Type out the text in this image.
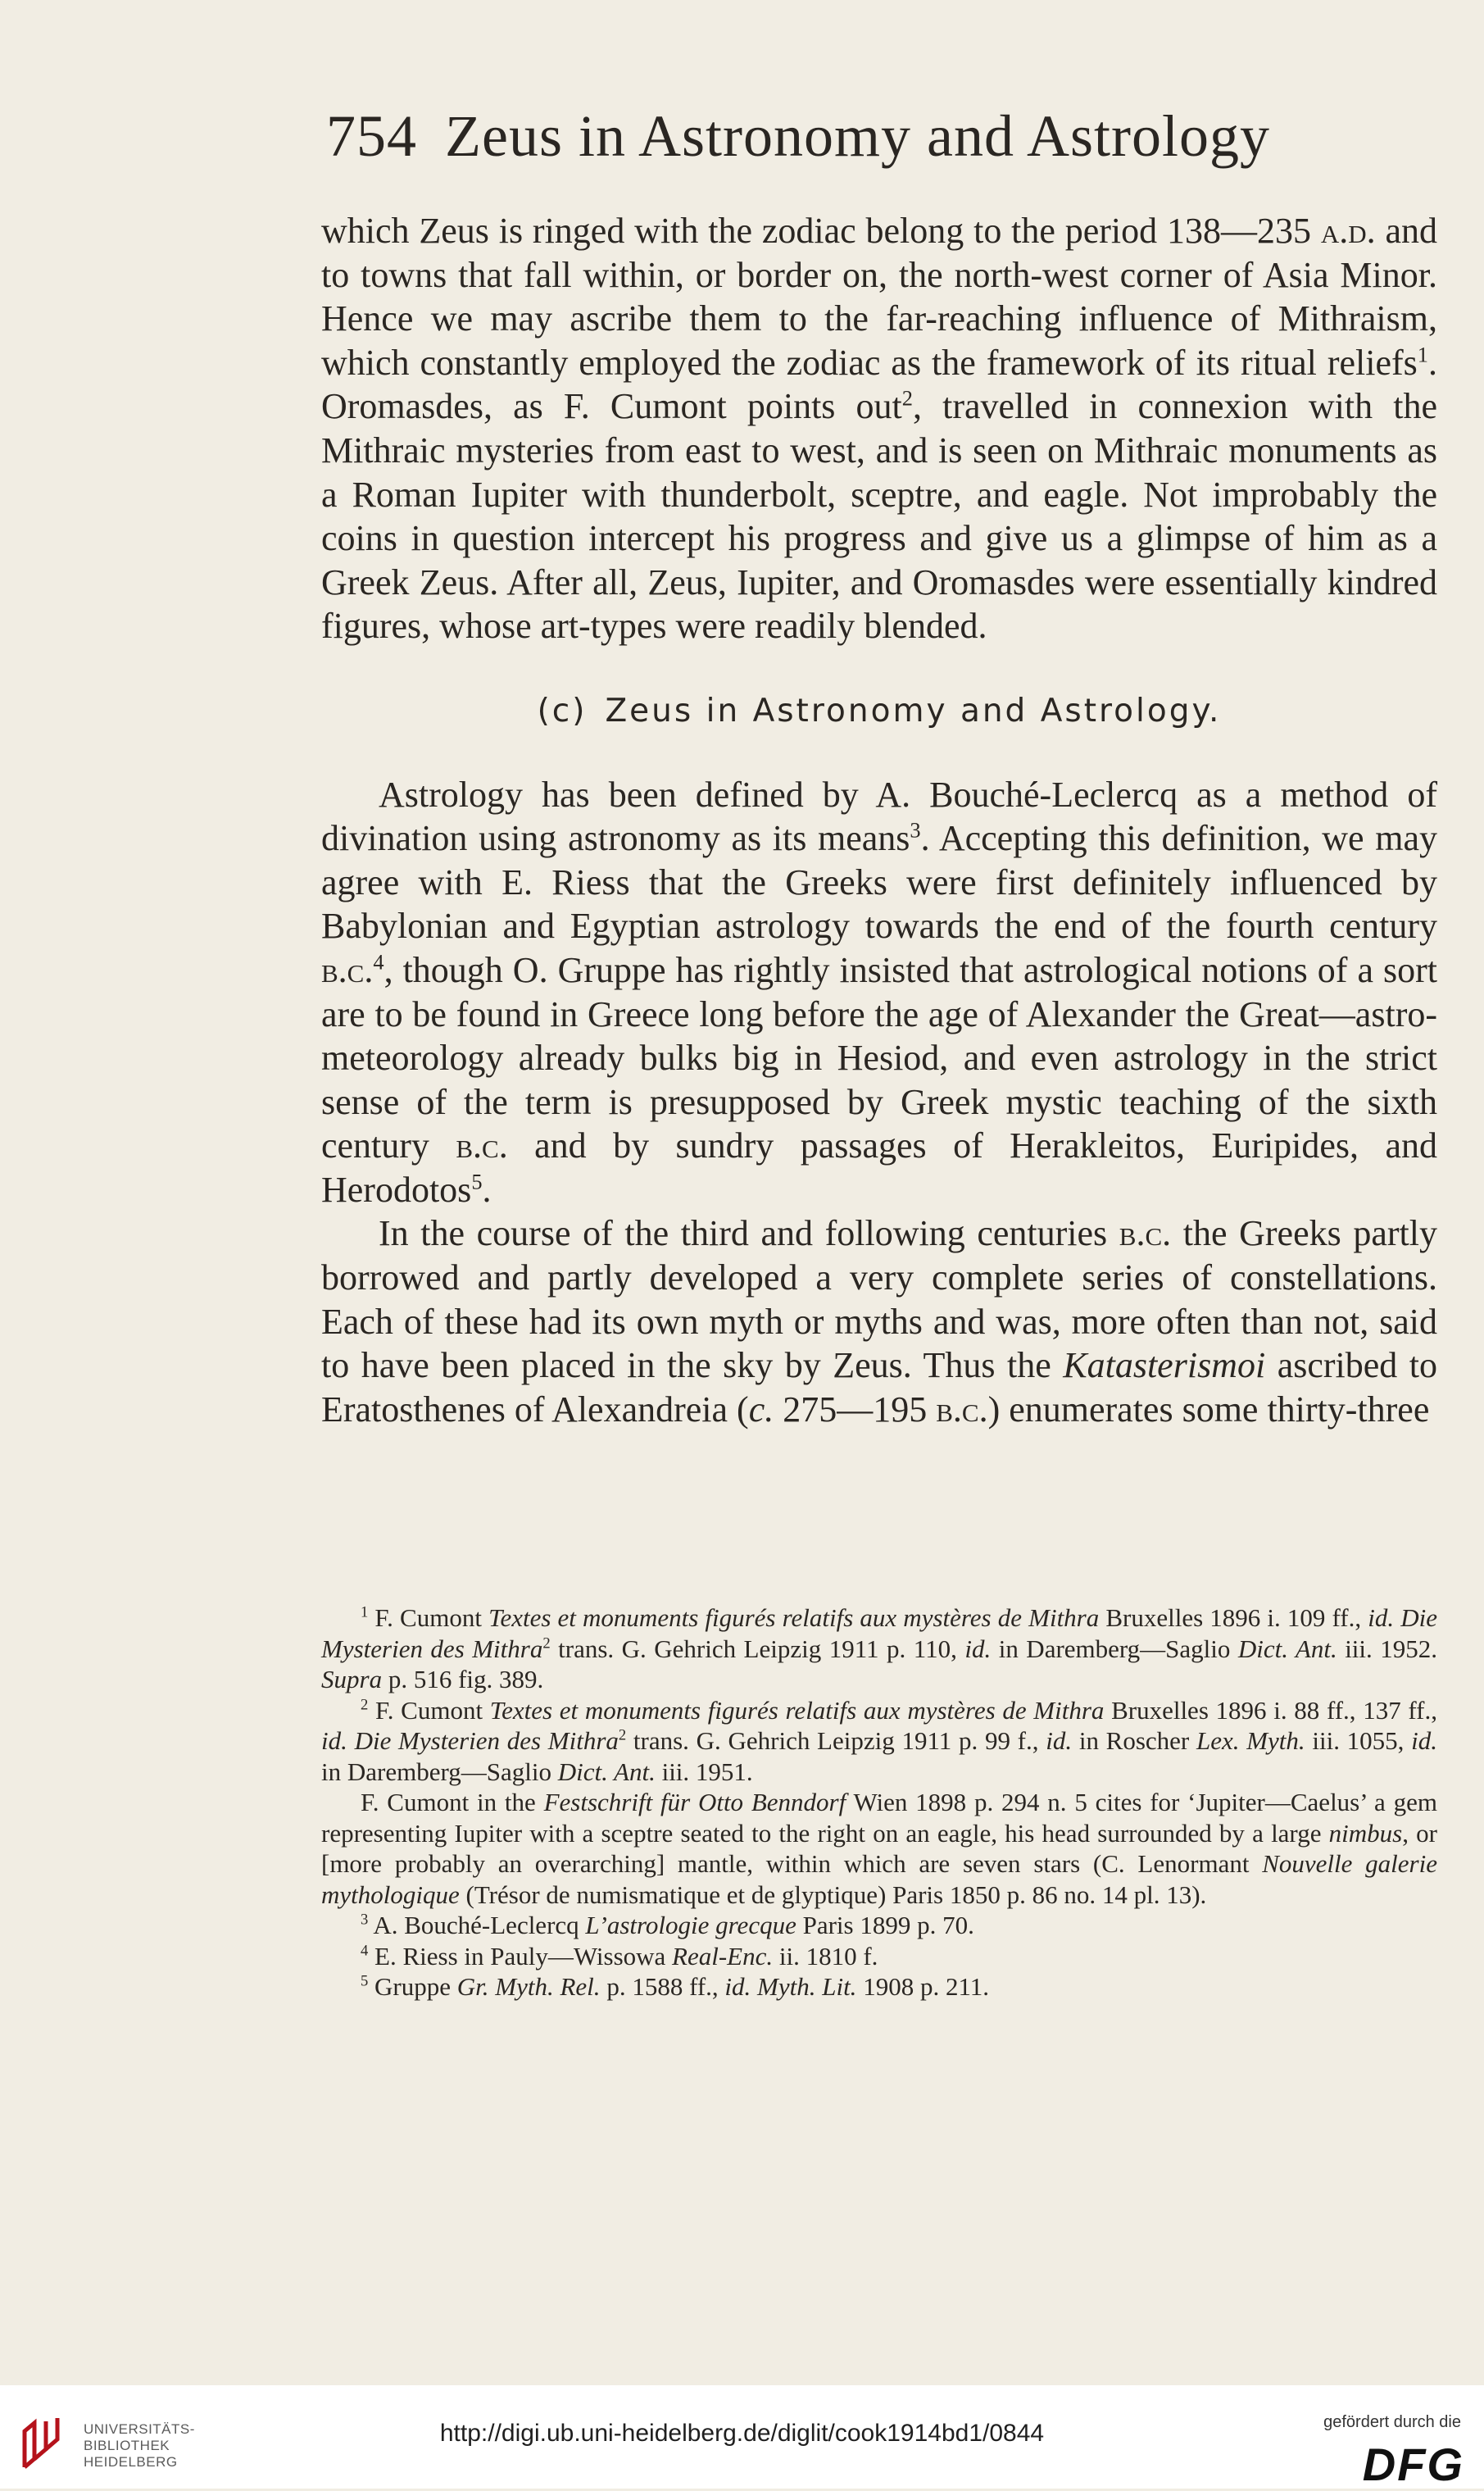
754 Zeus in Astronomy and Astrology

which Zeus is ringed with the zodiac belong to the period 138—235 a.d. and to towns that fall within, or border on, the north-west corner of Asia Minor. Hence we may ascribe them to the far-reaching influence of Mithraism, which constantly employed the zodiac as the framework of its ritual reliefs$^1$. Oromasdes, as F. Cumont points out$^2$, travelled in connexion with the Mithraic mysteries from east to west, and is seen on Mithraic monuments as a Roman Iupiter with thunderbolt, sceptre, and eagle. Not improbably the coins in question intercept his progress and give us a glimpse of him as a Greek Zeus. After all, Zeus, Iupiter, and Oromasdes were essentially kindred figures, whose art-types were readily blended.

(c) Zeus in Astronomy and Astrology.

Astrology has been defined by A. Bouché-Leclercq as a method of divination using astronomy as its means$^3$. Accepting this definition, we may agree with E. Riess that the Greeks were first definitely influenced by Babylonian and Egyptian astrology towards the end of the fourth century b.c.$^4$, though O. Gruppe has rightly insisted that astrological notions of a sort are to be found in Greece long before the age of Alexander the Great—astro-meteorology already bulks big in Hesiod, and even astrology in the strict sense of the term is presupposed by Greek mystic teaching of the sixth century b.c. and by sundry passages of Herakleitos, Euripides, and Herodotos$^5$.

In the course of the third and following centuries b.c. the Greeks partly borrowed and partly developed a very complete series of constellations. Each of these had its own myth or myths and was, more often than not, said to have been placed in the sky by Zeus. Thus the Katasterismoi ascribed to Eratosthenes of Alexandreia (c. 275—195 b.c.) enumerates some thirty-three

$^1$ F. Cumont Textes et monuments figurés relatifs aux mystères de Mithra Bruxelles 1896 i. 109 ff., id. Die Mysterien des Mithra$^2$ trans. G. Gehrich Leipzig 1911 p. 110, id. in Daremberg—Saglio Dict. Ant. iii. 1952. Supra p. 516 fig. 389.

$^2$ F. Cumont Textes et monuments figurés relatifs aux mystères de Mithra Bruxelles 1896 i. 88 ff., 137 ff., id. Die Mysterien des Mithra$^2$ trans. G. Gehrich Leipzig 1911 p. 99 f., id. in Roscher Lex. Myth. iii. 1055, id. in Daremberg—Saglio Dict. Ant. iii. 1951.

F. Cumont in the Festschrift für Otto Benndorf Wien 1898 p. 294 n. 5 cites for ‘Jupiter—Caelus’ a gem representing Iupiter with a sceptre seated to the right on an eagle, his head surrounded by a large nimbus, or [more probably an overarching] mantle, within which are seven stars (C. Lenormant Nouvelle galerie mythologique (Trésor de numismatique et de glyptique) Paris 1850 p. 86 no. 14 pl. 13).

$^3$ A. Bouché-Leclercq L’astrologie grecque Paris 1899 p. 70.

$^4$ E. Riess in Pauly—Wissowa Real-Enc. ii. 1810 f.

$^5$ Gruppe Gr. Myth. Rel. p. 1588 ff., id. Myth. Lit. 1908 p. 211.

UNIVERSITÄTS-
BIBLIOTHEK
HEIDELBERG
http://digi.ub.uni-heidelberg.de/diglit/cook1914bd1/0844	gefördert durch die
DFG
